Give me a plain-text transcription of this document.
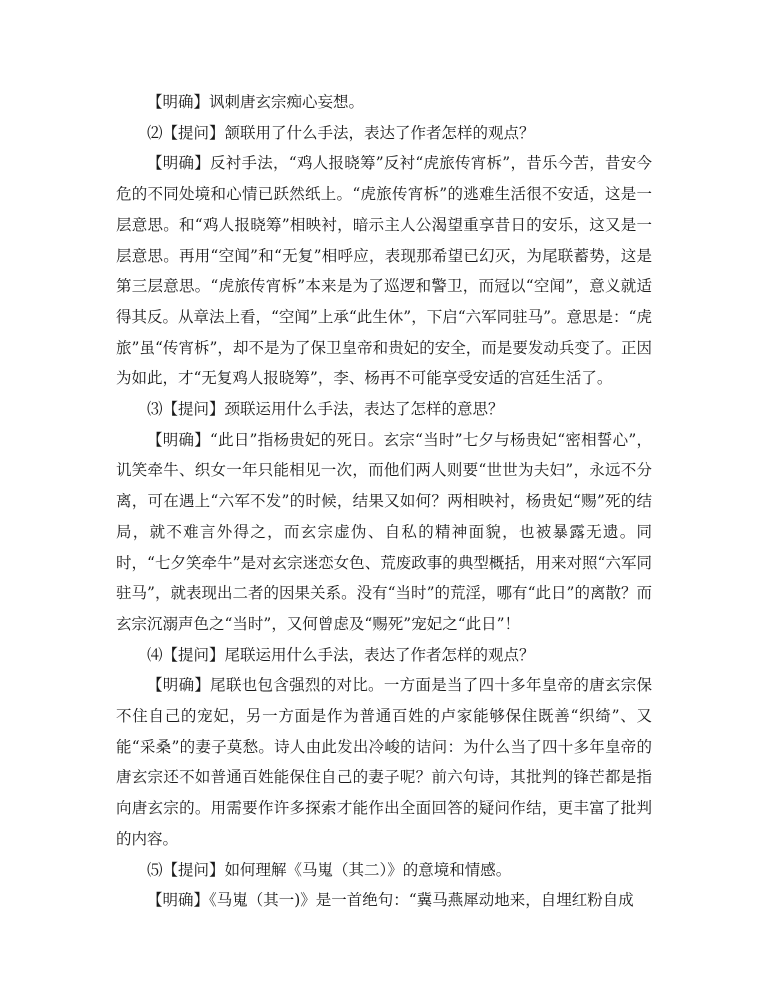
【明确】讽刺唐玄宗痴心妄想。

⑵【提问】颔联用了什么手法，表达了作者怎样的观点？

【明确】反衬手法，“鸡人报晓筹”反衬“虎旅传宵柝”，昔乐今苦，昔安今危的不同处境和心情已跃然纸上。“虎旅传宵柝”的逃难生活很不安适，这是一层意思。和“鸡人报晓筹”相映衬，暗示主人公渴望重享昔日的安乐，这又是一层意思。再用“空闻”和“无复”相呼应，表现那希望已幻灭，为尾联蓄势，这是第三层意思。“虎旅传宵柝”本来是为了巡逻和警卫，而冠以“空闻”，意义就适得其反。从章法上看，“空闻”上承“此生休”，下启“六军同驻马”。意思是：“虎旅”虽“传宵柝”，却不是为了保卫皇帝和贵妃的安全，而是要发动兵变了。正因为如此，才“无复鸡人报晓筹”，李、杨再不可能享受安适的宫廷生活了。

⑶【提问】颈联运用什么手法，表达了怎样的意思？

【明确】“此日”指杨贵妃的死日。玄宗“当时”七夕与杨贵妃“密相誓心”，讥笑牵牛、织女一年只能相见一次，而他们两人则要“世世为夫妇”，永远不分离，可在遇上“六军不发”的时候，结果又如何？两相映衬，杨贵妃“赐”死的结局，就不难言外得之，而玄宗虚伪、自私的精神面貌，也被暴露无遗。同时，“七夕笑牵牛”是对玄宗迷恋女色、荒废政事的典型概括，用来对照“六军同驻马”，就表现出二者的因果关系。没有“当时”的荒淫，哪有“此日”的离散？而玄宗沉溺声色之“当时”，又何曾虑及“赐死”宠妃之“此日”！

⑷【提问】尾联运用什么手法，表达了作者怎样的观点？

【明确】尾联也包含强烈的对比。一方面是当了四十多年皇帝的唐玄宗保不住自己的宠妃，另一方面是作为普通百姓的卢家能够保住既善“织绮”、又能“采桑”的妻子莫愁。诗人由此发出冷峻的诘问：为什么当了四十多年皇帝的唐玄宗还不如普通百姓能保住自己的妻子呢？前六句诗，其批判的锋芒都是指向唐玄宗的。用需要作许多探索才能作出全面回答的疑问作结，更丰富了批判的内容。

⑸【提问】如何理解《马嵬（其二）》的意境和情感。

【明确】《马嵬（其一)》是一首绝句：“冀马燕犀动地来，自埋红粉自成
